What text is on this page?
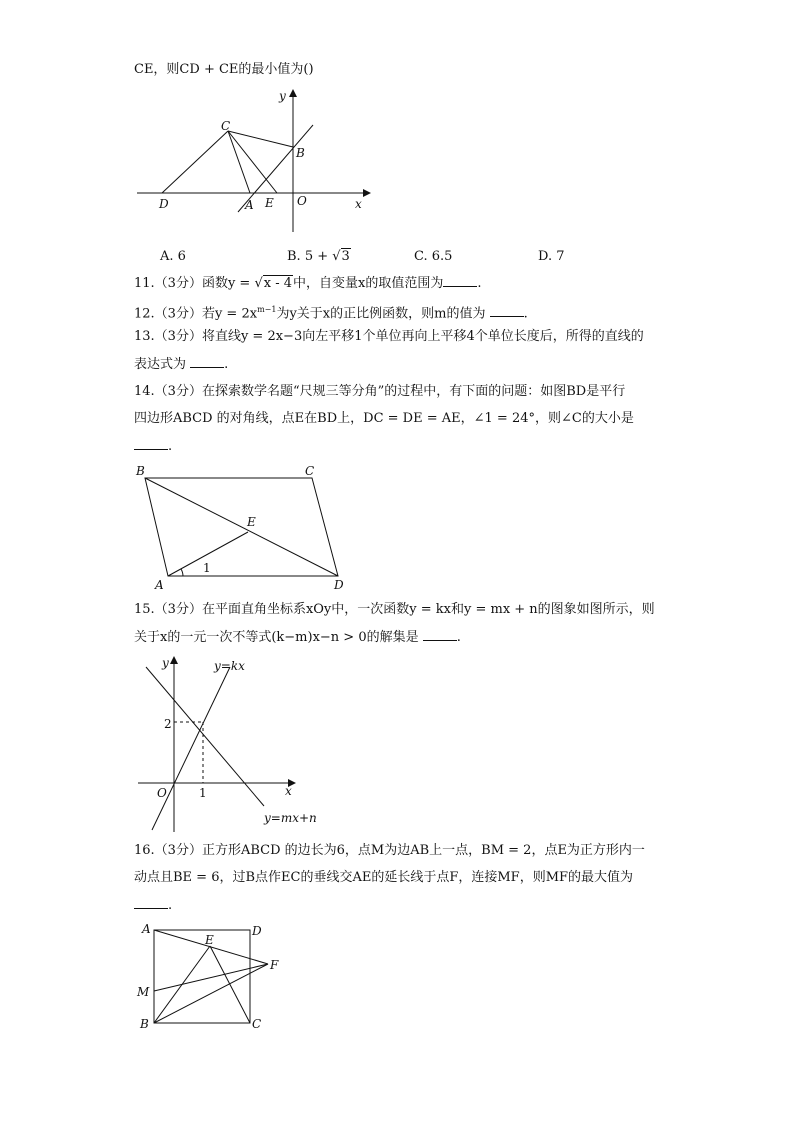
CE，则CD + CE的最小值为()
A. 6	B. 5 + √3	C. 6.5	D. 7
11.（3分）函数y = √x - 4中，自变量x的取值范围为	.
12.（3分）若$y = 2x^{m-1}$为y关于x的正比例函数，则m的值为	.
13.（3分）将直线y = 2x−3向左平移1个单位再向上平移4个单位长度后，所得的直线的
表达式为	.
14.（3分）在探索数学名题“尺规三等分角”的过程中，有下面的问题：如图BD是平行
四边形ABCD 的对角线，点E在BD上，DC = DE = AE，∠1 = 24°，则∠C的大小是
.
15.（3分）在平面直角坐标系xOy中，一次函数y = kx和y = mx + n的图象如图所示，则
关于x的一元一次不等式(k−m)x−n > 0的解集是	.
16.（3分）正方形ABCD 的边长为6，点M为边AB上一点，BM = 2，点E为正方形内一
动点且BE = 6，过B点作EC的垂线交AE的延长线于点F，连接MF，则MF的最大值为
.
y
C
B
D	A E O	x
B	C
E
A	D
1
y	y=kx
2
O	1	x
y=mx+n
A
E
D
F
M
B	C
